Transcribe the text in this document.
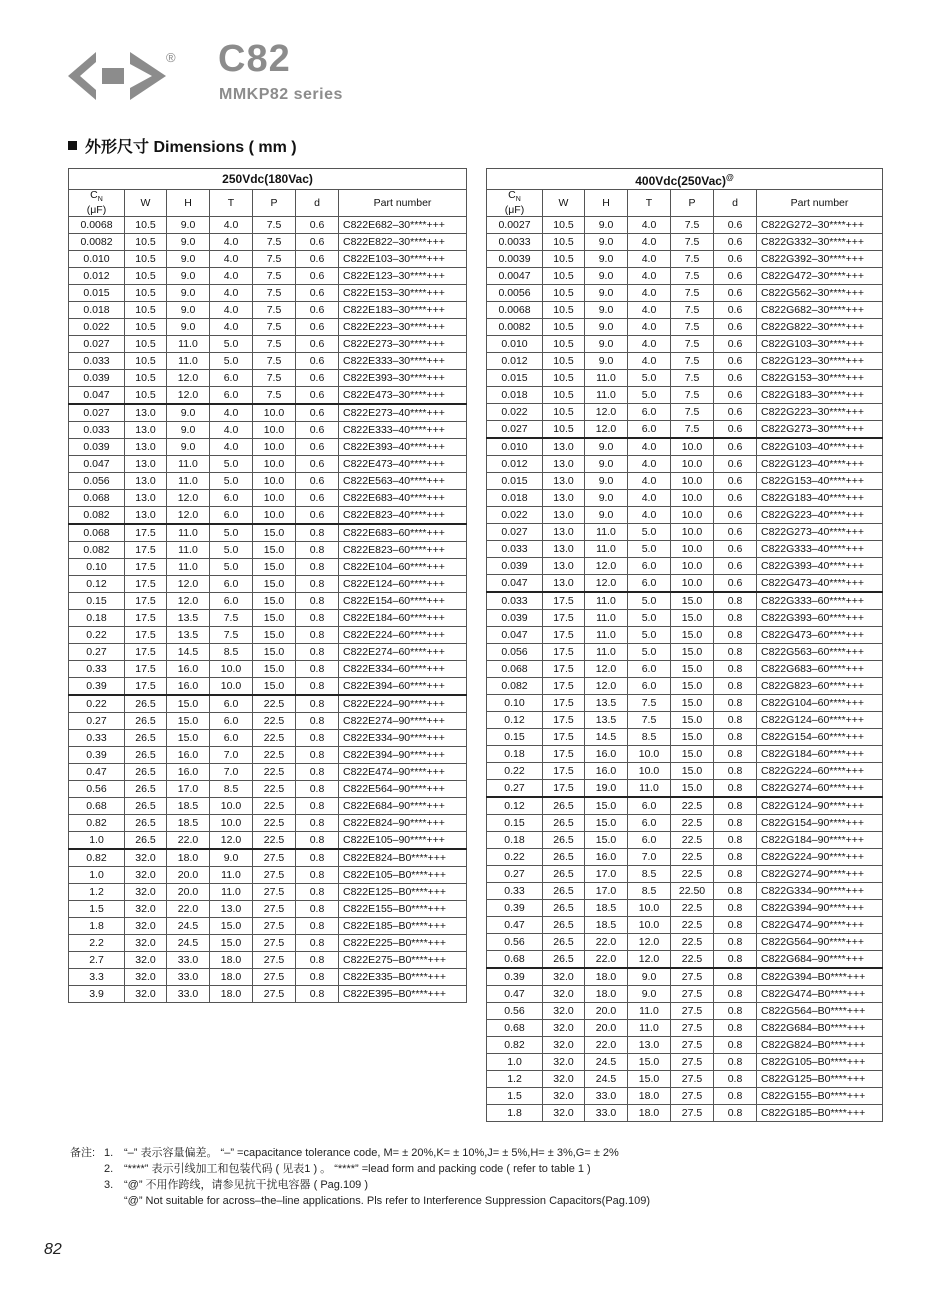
® C82
MMKP82 series
外形尺寸 Dimensions ( mm )
250Vdc(180Vac)						
$C_N$
(μF)	W	H	T	P	d	Part number
0.0068	10.5	9.0	4.0	7.5	0.6	C822E682–30****+++
0.0082	10.5	9.0	4.0	7.5	0.6	C822E822–30****+++
0.010	10.5	9.0	4.0	7.5	0.6	C822E103–30****+++
0.012	10.5	9.0	4.0	7.5	0.6	C822E123–30****+++
0.015	10.5	9.0	4.0	7.5	0.6	C822E153–30****+++
0.018	10.5	9.0	4.0	7.5	0.6	C822E183–30****+++
0.022	10.5	9.0	4.0	7.5	0.6	C822E223–30****+++
0.027	10.5	11.0	5.0	7.5	0.6	C822E273–30****+++
0.033	10.5	11.0	5.0	7.5	0.6	C822E333–30****+++
0.039	10.5	12.0	6.0	7.5	0.6	C822E393–30****+++
0.047	10.5	12.0	6.0	7.5	0.6	C822E473–30****+++
0.027	13.0	9.0	4.0	10.0	0.6	C822E273–40****+++
0.033	13.0	9.0	4.0	10.0	0.6	C822E333–40****+++
0.039	13.0	9.0	4.0	10.0	0.6	C822E393–40****+++
0.047	13.0	11.0	5.0	10.0	0.6	C822E473–40****+++
0.056	13.0	11.0	5.0	10.0	0.6	C822E563–40****+++
0.068	13.0	12.0	6.0	10.0	0.6	C822E683–40****+++
0.082	13.0	12.0	6.0	10.0	0.6	C822E823–40****+++
0.068	17.5	11.0	5.0	15.0	0.8	C822E683–60****+++
0.082	17.5	11.0	5.0	15.0	0.8	C822E823–60****+++
0.10	17.5	11.0	5.0	15.0	0.8	C822E104–60****+++
0.12	17.5	12.0	6.0	15.0	0.8	C822E124–60****+++
0.15	17.5	12.0	6.0	15.0	0.8	C822E154–60****+++
0.18	17.5	13.5	7.5	15.0	0.8	C822E184–60****+++
0.22	17.5	13.5	7.5	15.0	0.8	C822E224–60****+++
0.27	17.5	14.5	8.5	15.0	0.8	C822E274–60****+++
0.33	17.5	16.0	10.0	15.0	0.8	C822E334–60****+++
0.39	17.5	16.0	10.0	15.0	0.8	C822E394–60****+++
0.22	26.5	15.0	6.0	22.5	0.8	C822E224–90****+++
0.27	26.5	15.0	6.0	22.5	0.8	C822E274–90****+++
0.33	26.5	15.0	6.0	22.5	0.8	C822E334–90****+++
0.39	26.5	16.0	7.0	22.5	0.8	C822E394–90****+++
0.47	26.5	16.0	7.0	22.5	0.8	C822E474–90****+++
0.56	26.5	17.0	8.5	22.5	0.8	C822E564–90****+++
0.68	26.5	18.5	10.0	22.5	0.8	C822E684–90****+++
0.82	26.5	18.5	10.0	22.5	0.8	C822E824–90****+++
1.0	26.5	22.0	12.0	22.5	0.8	C822E105–90****+++
0.82	32.0	18.0	9.0	27.5	0.8	C822E824–B0****+++
1.0	32.0	20.0	11.0	27.5	0.8	C822E105–B0****+++
1.2	32.0	20.0	11.0	27.5	0.8	C822E125–B0****+++
1.5	32.0	22.0	13.0	27.5	0.8	C822E155–B0****+++
1.8	32.0	24.5	15.0	27.5	0.8	C822E185–B0****+++
2.2	32.0	24.5	15.0	27.5	0.8	C822E225–B0****+++
2.7	32.0	33.0	18.0	27.5	0.8	C822E275–B0****+++
3.3	32.0	33.0	18.0	27.5	0.8	C822E335–B0****+++
3.9	32.0	33.0	18.0	27.5	0.8	C822E395–B0****+++
400Vdc(250Vac)@
$C_N$
(μF)	W	H	T	P	d	Part number
0.0027	10.5	9.0	4.0	7.5	0.6	C822G272–30****+++
0.0033	10.5	9.0	4.0	7.5	0.6	C822G332–30****+++
0.0039	10.5	9.0	4.0	7.5	0.6	C822G392–30****+++
0.0047	10.5	9.0	4.0	7.5	0.6	C822G472–30****+++
0.0056	10.5	9.0	4.0	7.5	0.6	C822G562–30****+++
0.0068	10.5	9.0	4.0	7.5	0.6	C822G682–30****+++
0.0082	10.5	9.0	4.0	7.5	0.6	C822G822–30****+++
0.010	10.5	9.0	4.0	7.5	0.6	C822G103–30****+++
0.012	10.5	9.0	4.0	7.5	0.6	C822G123–30****+++
0.015	10.5	11.0	5.0	7.5	0.6	C822G153–30****+++
0.018	10.5	11.0	5.0	7.5	0.6	C822G183–30****+++
0.022	10.5	12.0	6.0	7.5	0.6	C822G223–30****+++
0.027	10.5	12.0	6.0	7.5	0.6	C822G273–30****+++
0.010	13.0	9.0	4.0	10.0	0.6	C822G103–40****+++
0.012	13.0	9.0	4.0	10.0	0.6	C822G123–40****+++
0.015	13.0	9.0	4.0	10.0	0.6	C822G153–40****+++
0.018	13.0	9.0	4.0	10.0	0.6	C822G183–40****+++
0.022	13.0	9.0	4.0	10.0	0.6	C822G223–40****+++
0.027	13.0	11.0	5.0	10.0	0.6	C822G273–40****+++
0.033	13.0	11.0	5.0	10.0	0.6	C822G333–40****+++
0.039	13.0	12.0	6.0	10.0	0.6	C822G393–40****+++
0.047	13.0	12.0	6.0	10.0	0.6	C822G473–40****+++
0.033	17.5	11.0	5.0	15.0	0.8	C822G333–60****+++
0.039	17.5	11.0	5.0	15.0	0.8	C822G393–60****+++
0.047	17.5	11.0	5.0	15.0	0.8	C822G473–60****+++
0.056	17.5	11.0	5.0	15.0	0.8	C822G563–60****+++
0.068	17.5	12.0	6.0	15.0	0.8	C822G683–60****+++
0.082	17.5	12.0	6.0	15.0	0.8	C822G823–60****+++
0.10	17.5	13.5	7.5	15.0	0.8	C822G104–60****+++
0.12	17.5	13.5	7.5	15.0	0.8	C822G124–60****+++
0.15	17.5	14.5	8.5	15.0	0.8	C822G154–60****+++
0.18	17.5	16.0	10.0	15.0	0.8	C822G184–60****+++
0.22	17.5	16.0	10.0	15.0	0.8	C822G224–60****+++
0.27	17.5	19.0	11.0	15.0	0.8	C822G274–60****+++
0.12	26.5	15.0	6.0	22.5	0.8	C822G124–90****+++
0.15	26.5	15.0	6.0	22.5	0.8	C822G154–90****+++
0.18	26.5	15.0	6.0	22.5	0.8	C822G184–90****+++
0.22	26.5	16.0	7.0	22.5	0.8	C822G224–90****+++
0.27	26.5	17.0	8.5	22.5	0.8	C822G274–90****+++
0.33	26.5	17.0	8.5	22.50	0.8	C822G334–90****+++
0.39	26.5	18.5	10.0	22.5	0.8	C822G394–90****+++
0.47	26.5	18.5	10.0	22.5	0.8	C822G474–90****+++
0.56	26.5	22.0	12.0	22.5	0.8	C822G564–90****+++
0.68	26.5	22.0	12.0	22.5	0.8	C822G684–90****+++
0.39	32.0	18.0	9.0	27.5	0.8	C822G394–B0****+++
0.47	32.0	18.0	9.0	27.5	0.8	C822G474–B0****+++
0.56	32.0	20.0	11.0	27.5	0.8	C822G564–B0****+++
0.68	32.0	20.0	11.0	27.5	0.8	C822G684–B0****+++
0.82	32.0	22.0	13.0	27.5	0.8	C822G824–B0****+++
1.0	32.0	24.5	15.0	27.5	0.8	C822G105–B0****+++
1.2	32.0	24.5	15.0	27.5	0.8	C822G125–B0****+++
1.5	32.0	33.0	18.0	27.5	0.8	C822G155–B0****+++
1.8	32.0	33.0	18.0	27.5	0.8	C822G185–B0****+++
备注: 1. “–” 表示容量偏差。 “–” =capacitance tolerance code, M= ± 20%,K= ± 10%,J= ± 5%,H= ± 3%,G= ± 2%
2. “****” 表示引线加工和包装代码 ( 见表1 ) 。 “****” =lead form and packing code ( refer to table 1 )
3. “@” 不用作跨线，请参见抗干扰电容器 ( Pag.109 )
“@” Not suitable for across–the–line applications. Pls refer to Interference Suppression Capacitors(Pag.109)
82
